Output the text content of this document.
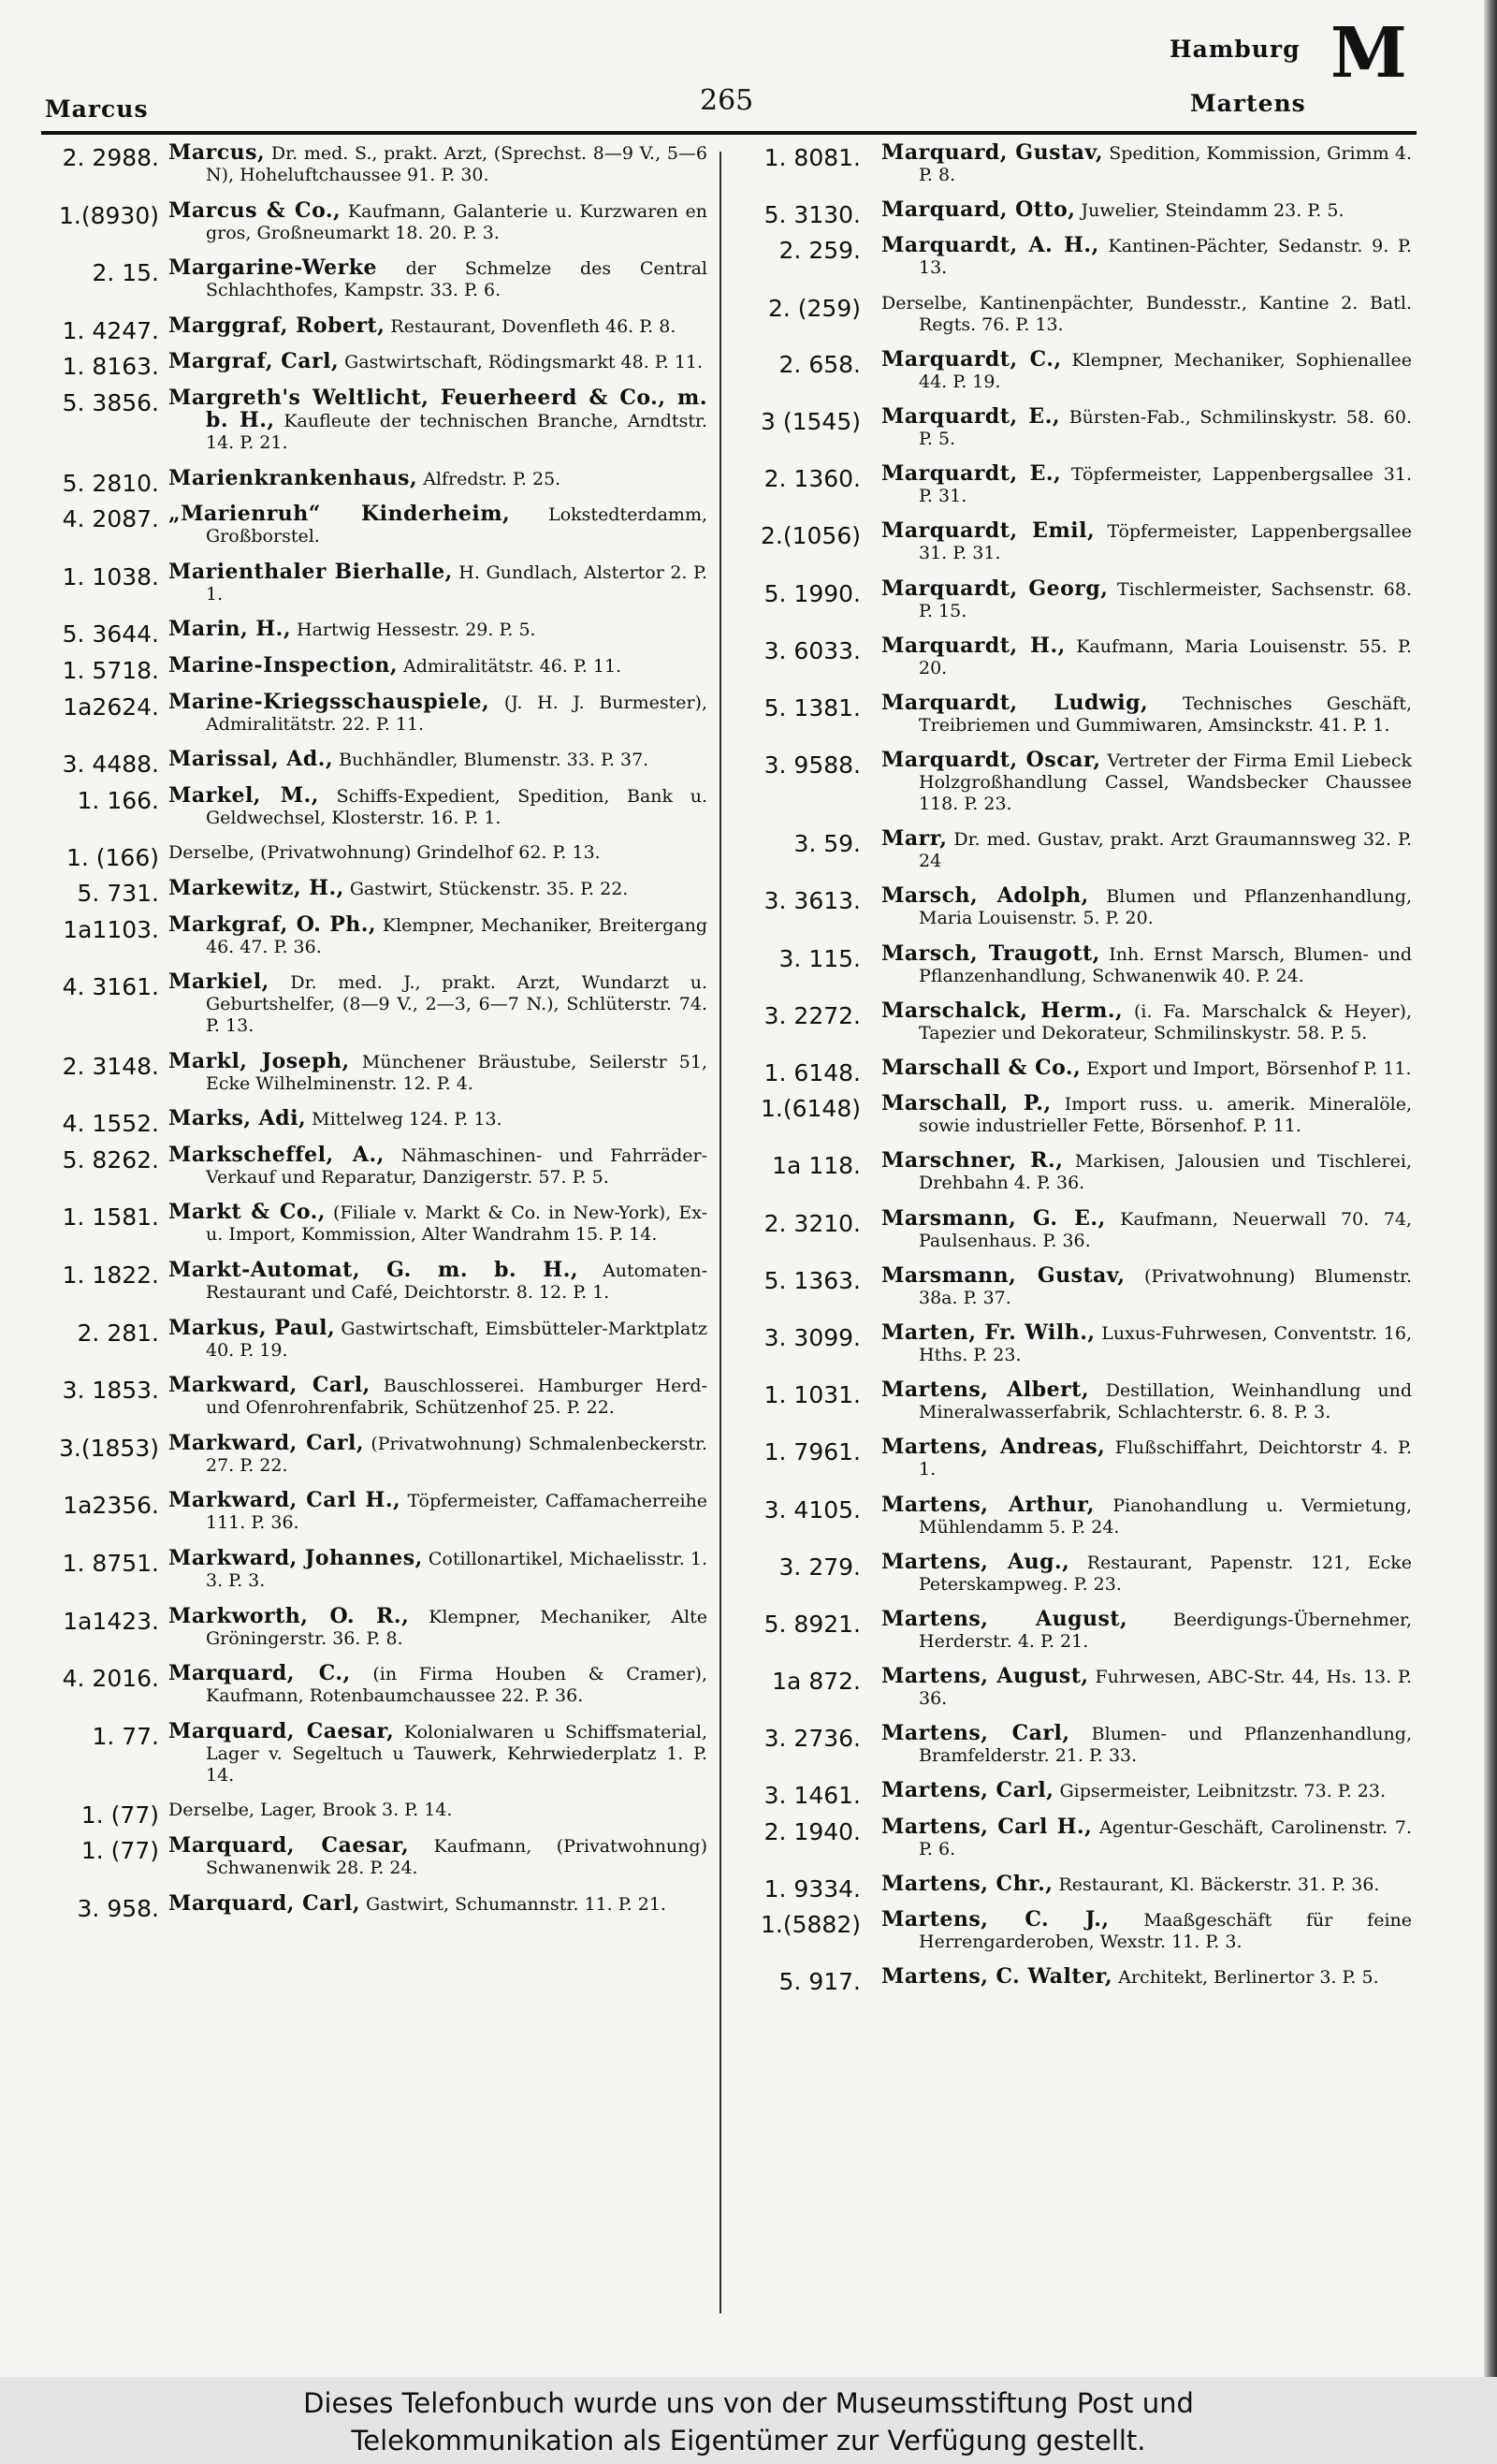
Marcus	265
Hamburg
Martens
M
2. 2988. Marcus, Dr. med. S., prakt. Arzt, (Sprechst. 8—9 V., 5—6 N), Hoheluftchaussee 91. P. 30.
1.(8930) Marcus & Co., Kaufmann, Galanterie u. Kurzwaren en gros, Großneumarkt 18. 20. P. 3.
2. 15. Margarine-Werke der Schmelze des Central Schlachthofes, Kampstr. 33. P. 6.
1. 4247. Marggraf, Robert, Restaurant, Dovenfleth 46. P. 8.
1. 8163. Margraf, Carl, Gastwirtschaft, Rödingsmarkt 48. P. 11.
5. 3856. Margreth's Weltlicht, Feuerheerd & Co., m. b. H., Kaufleute der technischen Branche, Arndtstr. 14. P. 21.
5. 2810. Marienkrankenhaus, Alfredstr. P. 25.
4. 2087. „Marienruh“ Kinderheim, Lokstedterdamm, Großborstel.
1. 1038. Marienthaler Bierhalle, H. Gundlach, Alstertor 2. P. 1.
5. 3644. Marin, H., Hartwig Hessestr. 29. P. 5.
1. 5718. Marine-Inspection, Admiralitätstr. 46. P. 11.
1a2624. Marine-Kriegsschauspiele, (J. H. J. Burmester), Admiralitätstr. 22. P. 11.
3. 4488. Marissal, Ad., Buchhändler, Blumenstr. 33. P. 37.
1. 166. Markel, M., Schiffs-Expedient, Spedition, Bank u. Geldwechsel, Klosterstr. 16. P. 1.
1. (166) Derselbe, (Privatwohnung) Grindelhof 62. P. 13.
5. 731. Markewitz, H., Gastwirt, Stückenstr. 35. P. 22.
1a1103. Markgraf, O. Ph., Klempner, Mechaniker, Breitergang 46. 47. P. 36.
4. 3161. Markiel, Dr. med. J., prakt. Arzt, Wundarzt u. Geburtshelfer, (8—9 V., 2—3, 6—7 N.), Schlüterstr. 74. P. 13.
2. 3148. Markl, Joseph, Münchener Bräustube, Seilerstr 51, Ecke Wilhelminenstr. 12. P. 4.
4. 1552. Marks, Adi, Mittelweg 124. P. 13.
5. 8262. Markscheffel, A., Nähmaschinen- und Fahrräder-Verkauf und Reparatur, Danzigerstr. 57. P. 5.
1. 1581. Markt & Co., (Filiale v. Markt & Co. in New-York), Ex- u. Import, Kommission, Alter Wandrahm 15. P. 14.
1. 1822. Markt-Automat, G. m. b. H., Automaten-Restaurant und Café, Deichtorstr. 8. 12. P. 1.
2. 281. Markus, Paul, Gastwirtschaft, Eimsbütteler-Marktplatz 40. P. 19.
3. 1853. Markward, Carl, Bauschlosserei. Hamburger Herd- und Ofenrohrenfabrik, Schützenhof 25. P. 22.
3.(1853) Markward, Carl, (Privatwohnung) Schmalenbeckerstr. 27. P. 22.
1a2356. Markward, Carl H., Töpfermeister, Caffamacherreihe 111. P. 36.
1. 8751. Markward, Johannes, Cotillonartikel, Michaelisstr. 1. 3. P. 3.
1a1423. Markworth, O. R., Klempner, Mechaniker, Alte Gröningerstr. 36. P. 8.
4. 2016. Marquard, C., (in Firma Houben & Cramer), Kaufmann, Rotenbaumchaussee 22. P. 36.
1. 77. Marquard, Caesar, Kolonialwaren u Schiffsmaterial, Lager v. Segeltuch u Tauwerk, Kehrwiederplatz 1. P. 14.
1. (77) Derselbe, Lager, Brook 3. P. 14.
1. (77) Marquard, Caesar, Kaufmann, (Privatwohnung) Schwanenwik 28. P. 24.
3. 958. Marquard, Carl, Gastwirt, Schumannstr. 11. P. 21.
1. 8081. Marquard, Gustav, Spedition, Kommission, Grimm 4. P. 8.
5. 3130. Marquard, Otto, Juwelier, Steindamm 23. P. 5.
2. 259. Marquardt, A. H., Kantinen-Pächter, Sedanstr. 9. P. 13.
2. (259) Derselbe, Kantinenpächter, Bundesstr., Kantine 2. Batl. Regts. 76. P. 13.
2. 658. Marquardt, C., Klempner, Mechaniker, Sophienallee 44. P. 19.
3 (1545) Marquardt, E., Bürsten-Fab., Schmilinskystr. 58. 60. P. 5.
2. 1360. Marquardt, E., Töpfermeister, Lappenbergsallee 31. P. 31.
2.(1056) Marquardt, Emil, Töpfermeister, Lappenbergsallee 31. P. 31.
5. 1990. Marquardt, Georg, Tischlermeister, Sachsenstr. 68. P. 15.
3. 6033. Marquardt, H., Kaufmann, Maria Louisenstr. 55. P. 20.
5. 1381. Marquardt, Ludwig, Technisches Geschäft, Treibriemen und Gummiwaren, Amsinckstr. 41. P. 1.
3. 9588. Marquardt, Oscar, Vertreter der Firma Emil Liebeck Holzgroßhandlung Cassel, Wandsbecker Chaussee 118. P. 23.
3. 59. Marr, Dr. med. Gustav, prakt. Arzt Graumannsweg 32. P. 24
3. 3613. Marsch, Adolph, Blumen und Pflanzenhandlung, Maria Louisenstr. 5. P. 20.
3. 115. Marsch, Traugott, Inh. Ernst Marsch, Blumen- und Pflanzenhandlung, Schwanenwik 40. P. 24.
3. 2272. Marschalck, Herm., (i. Fa. Marschalck & Heyer), Tapezier und Dekorateur, Schmilinskystr. 58. P. 5.
1. 6148. Marschall & Co., Export und Import, Börsenhof P. 11.
1.(6148) Marschall, P., Import russ. u. amerik. Mineralöle, sowie industrieller Fette, Börsenhof. P. 11.
1a 118. Marschner, R., Markisen, Jalousien und Tischlerei, Drehbahn 4. P. 36.
2. 3210. Marsmann, G. E., Kaufmann, Neuerwall 70. 74, Paulsenhaus. P. 36.
5. 1363. Marsmann, Gustav, (Privatwohnung) Blumenstr. 38a. P. 37.
3. 3099. Marten, Fr. Wilh., Luxus-Fuhrwesen, Conventstr. 16, Hths. P. 23.
1. 1031. Martens, Albert, Destillation, Weinhandlung und Mineralwasserfabrik, Schlachterstr. 6. 8. P. 3.
1. 7961. Martens, Andreas, Flußschiffahrt, Deichtorstr 4. P. 1.
3. 4105. Martens, Arthur, Pianohandlung u. Vermietung, Mühlendamm 5. P. 24.
3. 279. Martens, Aug., Restaurant, Papenstr. 121, Ecke Peterskampweg. P. 23.
5. 8921. Martens, August, Beerdigungs-Übernehmer, Herderstr. 4. P. 21.
1a 872. Martens, August, Fuhrwesen, ABC-Str. 44, Hs. 13. P. 36.
3. 2736. Martens, Carl, Blumen- und Pflanzenhandlung, Bramfelderstr. 21. P. 33.
3. 1461. Martens, Carl, Gipsermeister, Leibnitzstr. 73. P. 23.
2. 1940. Martens, Carl H., Agentur-Geschäft, Carolinenstr. 7. P. 6.
1. 9334. Martens, Chr., Restaurant, Kl. Bäckerstr. 31. P. 36.
1.(5882) Martens, C. J., Maaßgeschäft für feine Herrengarderoben, Wexstr. 11. P. 3.
5. 917. Martens, C. Walter, Architekt, Berlinertor 3. P. 5.
Dieses Telefonbuch wurde uns von der Museumsstiftung Post und
Telekommunikation als Eigentümer zur Verfügung gestellt.
